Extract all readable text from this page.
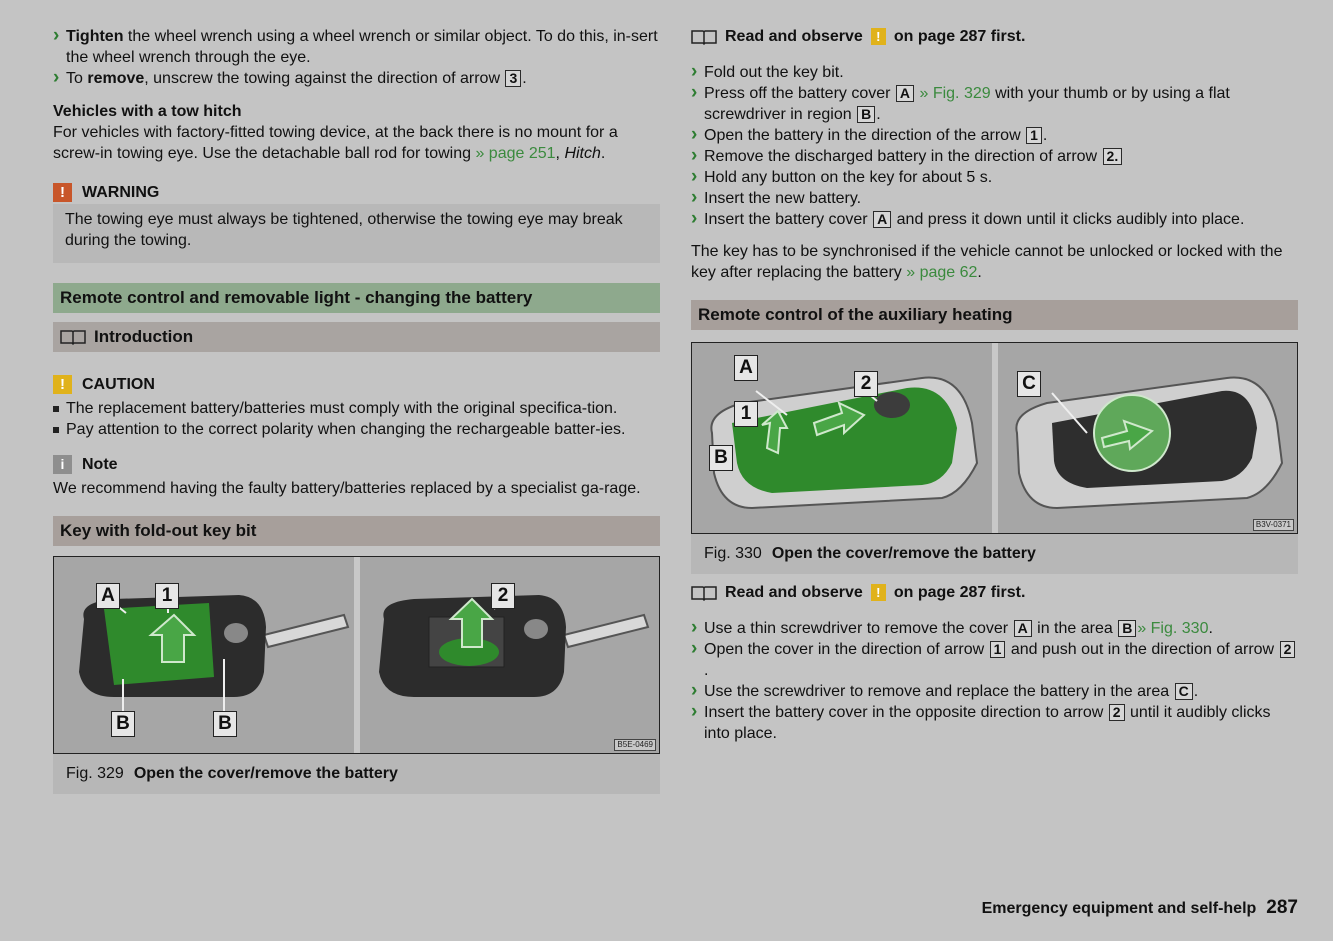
› Tighten the wheel wrench using a wheel wrench or similar object. To do this, in-sert the wheel wrench through the eye.
› To remove, unscrew the towing against the direction of arrow 3 .
Vehicles with a tow hitch

For vehicles with factory-fitted towing device, at the back there is no mount for a screw-in towing eye. Use the detachable ball rod for towing » page 251, Hitch.

!	WARNING
The towing eye must always be tightened, otherwise the towing eye may break during the towing.
Remote control and removable light - changing the battery
Introduction
!	CAUTION
The replacement battery/batteries must comply with the original specifica-tion.
Pay attention to the correct polarity when changing the rechargeable batter-ies.
i	Note

We recommend having the faulty battery/batteries replaced by a specialist ga-rage.

Key with fold-out key bit
A	1
B	B
2
B5E-0469
Fig. 329 Open the cover/remove the battery
Read and observe	! on page 287 first.
› Fold out the key bit.
› Press off the battery cover A » Fig. 329 with your thumb or by using a flat screwdriver in region B .
› Open the battery in the direction of the arrow 1 .
› Remove the discharged battery in the direction of arrow 2.
› Hold any button on the key for about 5 s.
› Insert the new battery.
› Insert the battery cover A and press it down until it clicks audibly into place.

The key has to be synchronised if the vehicle cannot be unlocked or locked with the key after replacing the battery » page 62.

Remote control of the auxiliary heating
A
2
1
B
C
B3V-0371
Fig. 330 Open the cover/remove the battery
Read and observe	! on page 287 first.
› Use a thin screwdriver to remove the cover A in the area B » Fig. 330.
› Open the cover in the direction of arrow 1 and push out in the direction of arrow 2.
› Use the screwdriver to remove and replace the battery in the area C .
› Insert the battery cover in the opposite direction to arrow 2 until it audibly clicks into place.
Emergency equipment and self-help 287
